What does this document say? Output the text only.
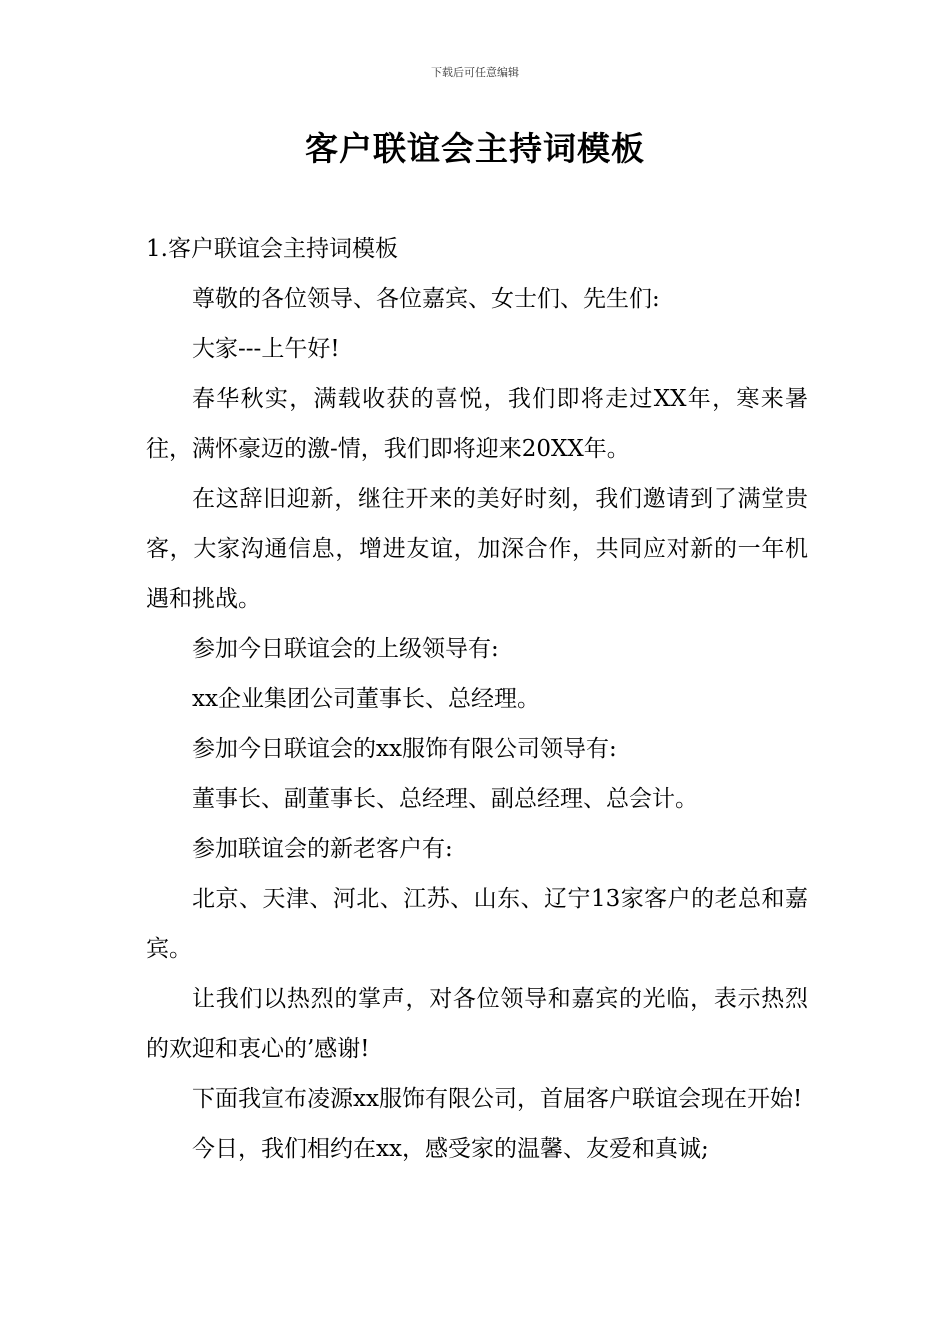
下载后可任意编辑
客户联谊会主持词模板

1.客户联谊会主持词模板

尊敬的各位领导、各位嘉宾、女士们、先生们:

大家---上午好!

春华秋实，满载收获的喜悦，我们即将走过XX年，寒来暑往，满怀豪迈的激-情，我们即将迎来20XX年。

在这辞旧迎新，继往开来的美好时刻，我们邀请到了满堂贵客，大家沟通信息，增进友谊，加深合作，共同应对新的一年机遇和挑战。

参加今日联谊会的上级领导有:

xx企业集团公司董事长、总经理。

参加今日联谊会的xx服饰有限公司领导有:

董事长、副董事长、总经理、副总经理、总会计。

参加联谊会的新老客户有:

北京、天津、河北、江苏、山东、辽宁13家客户的老总和嘉宾。

让我们以热烈的掌声，对各位领导和嘉宾的光临，表示热烈的欢迎和衷心的’感谢!

下面我宣布凌源xx服饰有限公司，首届客户联谊会现在开始!

今日，我们相约在xx，感受家的温馨、友爱和真诚;
